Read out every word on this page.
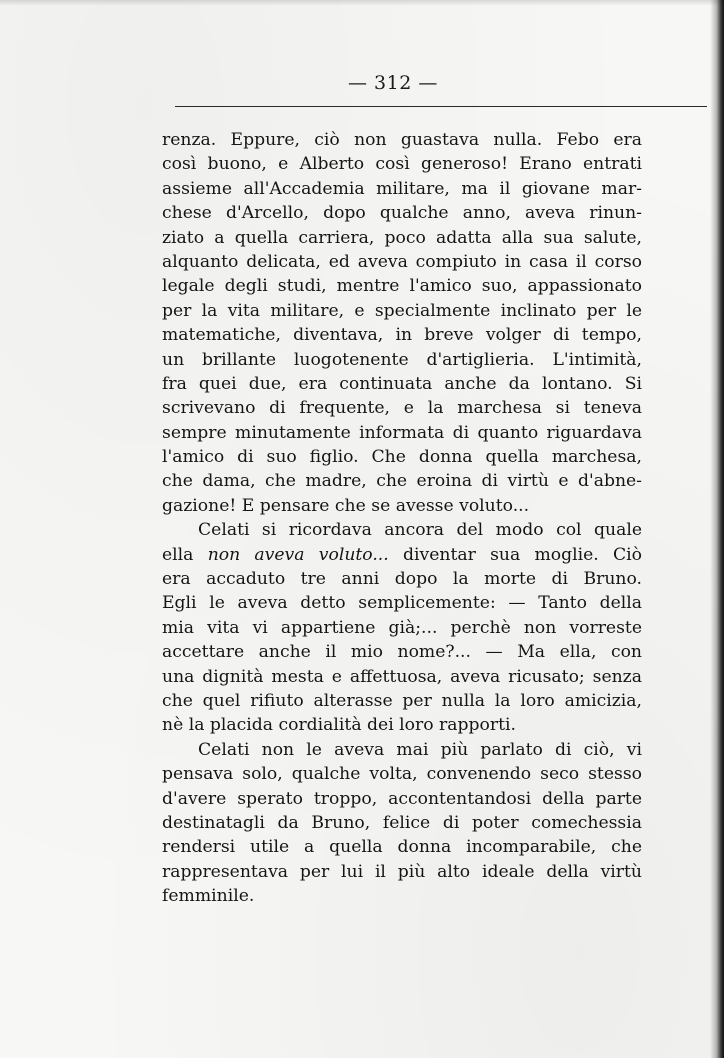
— 312 —
renza. Eppure, ciò non guastava nulla. Febo era
così buono, e Alberto così generoso! Erano entrati
assieme all'Accademia militare, ma il giovane mar-
chese d'Arcello, dopo qualche anno, aveva rinun-
ziato a quella carriera, poco adatta alla sua salute,
alquanto delicata, ed aveva compiuto in casa il corso
legale degli studi, mentre l'amico suo, appassionato
per la vita militare, e specialmente inclinato per le
matematiche, diventava, in breve volger di tempo,
un brillante luogotenente d'artiglieria. L'intimità,
fra quei due, era continuata anche da lontano. Si
scrivevano di frequente, e la marchesa si teneva
sempre minutamente informata di quanto riguardava
l'amico di suo figlio. Che donna quella marchesa,
che dama, che madre, che eroina di virtù e d'abne-
gazione! E pensare che se avesse voluto...
Celati si ricordava ancora del modo col quale
ella non aveva voluto... diventar sua moglie. Ciò
era accaduto tre anni dopo la morte di Bruno.
Egli le aveva detto semplicemente: — Tanto della
mia vita vi appartiene già;... perchè non vorreste
accettare anche il mio nome?... — Ma ella, con
una dignità mesta e affettuosa, aveva ricusato; senza
che quel rifiuto alterasse per nulla la loro amicizia,
nè la placida cordialità dei loro rapporti.
Celati non le aveva mai più parlato di ciò, vi
pensava solo, qualche volta, convenendo seco stesso
d'avere sperato troppo, accontentandosi della parte
destinatagli da Bruno, felice di poter comechessia
rendersi utile a quella donna incomparabile, che
rappresentava per lui il più alto ideale della virtù
femminile.
